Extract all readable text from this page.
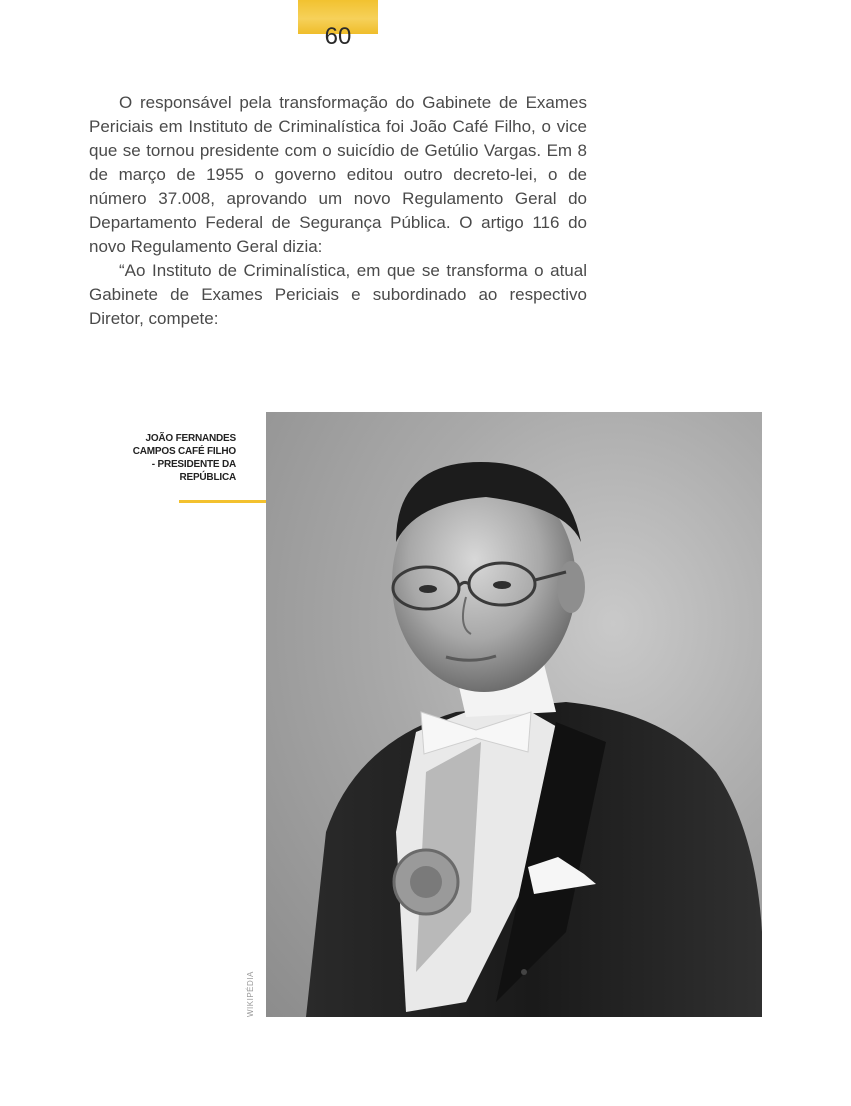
60

O responsável pela transformação do Gabinete de Exames Periciais em Instituto de Criminalística foi João Café Filho, o vice que se tornou presidente com o suicídio de Getúlio Vargas. Em 8 de março de 1955 o governo editou outro decreto-lei, o de número 37.008, aprovando um novo Regulamento Geral do Departamento Federal de Segurança Pública. O artigo 116 do novo Regulamento Geral dizia:

“Ao Instituto de Criminalística, em que se transforma o atual Gabinete de Exames Periciais e subordinado ao respectivo Diretor, compete:

JOÃO FERNANDES
CAMPOS CAFÉ FILHO
- PRESIDENTE DA
REPÚBLICA
WIKIPÉDIA
